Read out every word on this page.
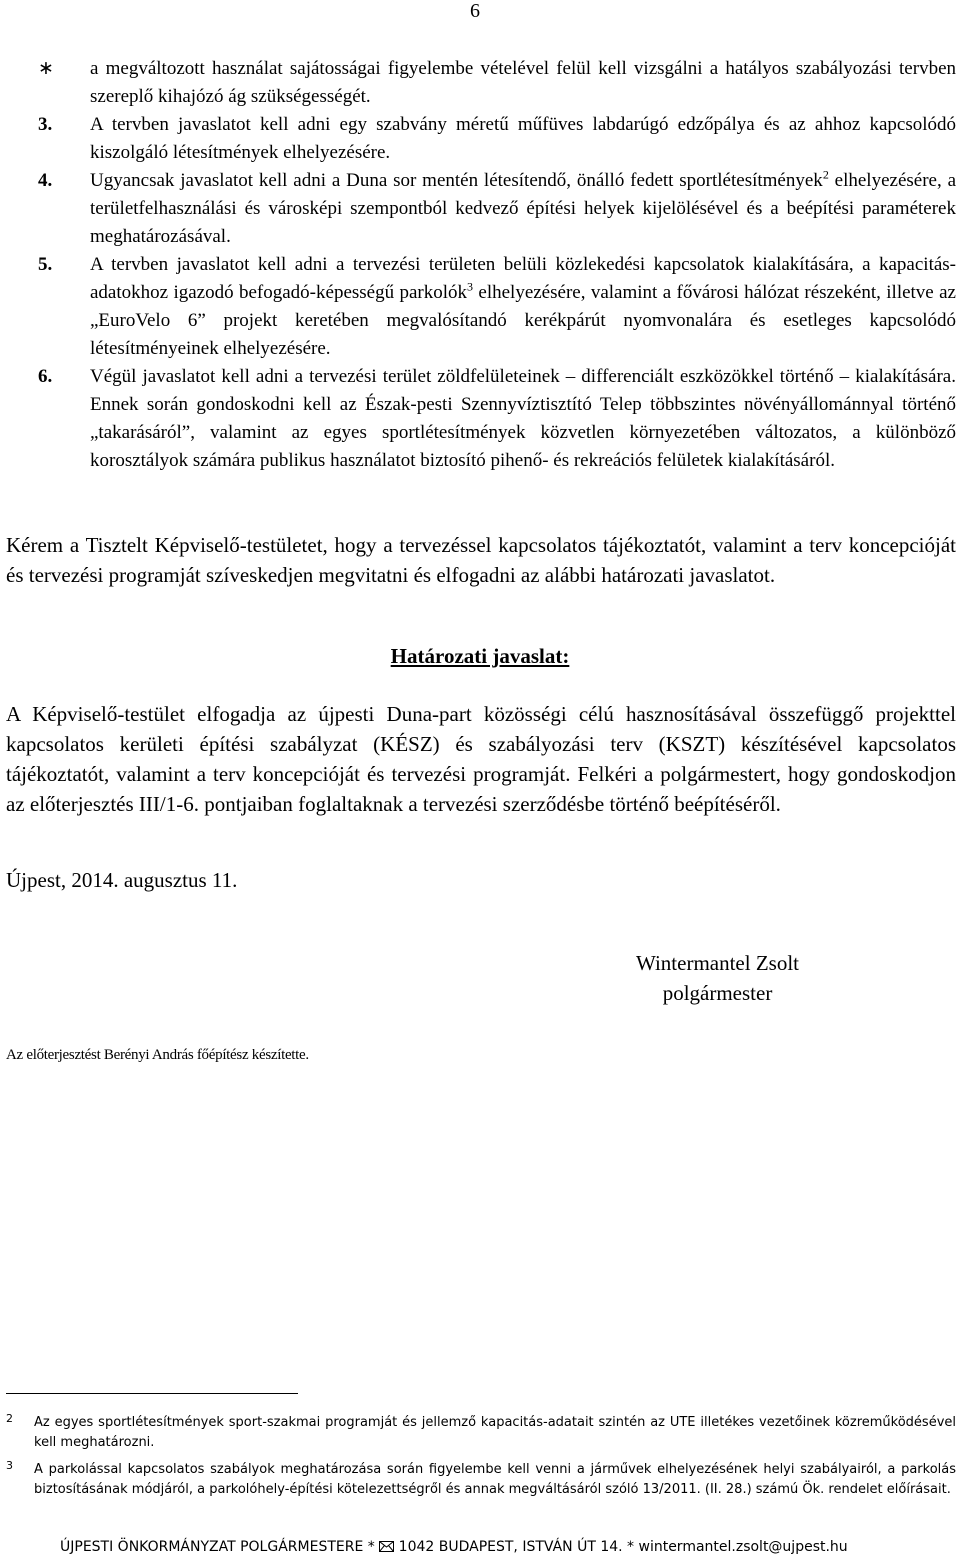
6
∗	a megváltozott használat sajátosságai figyelembe vételével felül kell vizsgálni a hatályos szabályozási tervben szereplő kihajózó ág szükségességét.
3.	A tervben javaslatot kell adni egy szabvány méretű műfüves labdarúgó edzőpálya és az ahhoz kapcsolódó kiszolgáló létesítmények elhelyezésére.
4.	Ugyancsak javaslatot kell adni a Duna sor mentén létesítendő, önálló fedett sportlétesítmények$^2$ elhelyezésére, a területfelhasználási és városképi szempontból kedvező építési helyek kijelölésével és a beépítési paraméterek meghatározásával.
5.	A tervben javaslatot kell adni a tervezési területen belüli közlekedési kapcsolatok kialakítására, a kapacitás-adatokhoz igazodó befogadó-képességű parkolók$^3$ elhelyezésére, valamint a fővárosi hálózat részeként, illetve az „EuroVelo 6” projekt keretében megvalósítandó kerékpárút nyomvonalára és esetleges kapcsolódó létesítményeinek elhelyezésére.
6.	Végül javaslatot kell adni a tervezési terület zöldfelületeinek – differenciált eszközökkel történő – kialakítására. Ennek során gondoskodni kell az Észak-pesti Szennyvíztisztító Telep többszintes növényállománnyal történő „takarásáról”, valamint az egyes sportlétesítmények közvetlen környezetében változatos, a különböző korosztályok számára publikus használatot biztosító pihenő- és rekreációs felületek kialakításáról.
Kérem a Tisztelt Képviselő-testületet, hogy a tervezéssel kapcsolatos tájékoztatót, valamint a terv koncepcióját és tervezési programját szíveskedjen megvitatni és elfogadni az alábbi határozati javaslatot.
Határozati javaslat:
A Képviselő-testület elfogadja az újpesti Duna-part közösségi célú hasznosításával összefüggő projekttel kapcsolatos kerületi építési szabályzat (KÉSZ) és szabályozási terv (KSZT) készítésével kapcsolatos tájékoztatót, valamint a terv koncepcióját és tervezési programját. Felkéri a polgármestert, hogy gondoskodjon az előterjesztés III/1-6. pontjaiban foglaltaknak a tervezési szerződésbe történő beépítéséről.
Újpest, 2014. augusztus 11.
Wintermantel Zsolt
polgármester
Az előterjesztést Berényi András főépítész készítette.
2 Az egyes sportlétesítmények sport-szakmai programját és jellemző kapacitás-adatait szintén az UTE illetékes vezetőinek közreműködésével kell meghatározni.
3 A parkolással kapcsolatos szabályok meghatározása során figyelembe kell venni a járművek elhelyezésének helyi szabályairól, a parkolás biztosításának módjáról, a parkolóhely-építési kötelezettségről és annak megváltásáról szóló 13/2011. (II. 28.) számú Ök. rendelet előírásait.
ÚJPESTI ÖNKORMÁNYZAT POLGÁRMESTERE * 1042 BUDAPEST, ISTVÁN ÚT 14. * wintermantel.zsolt@ujpest.hu
